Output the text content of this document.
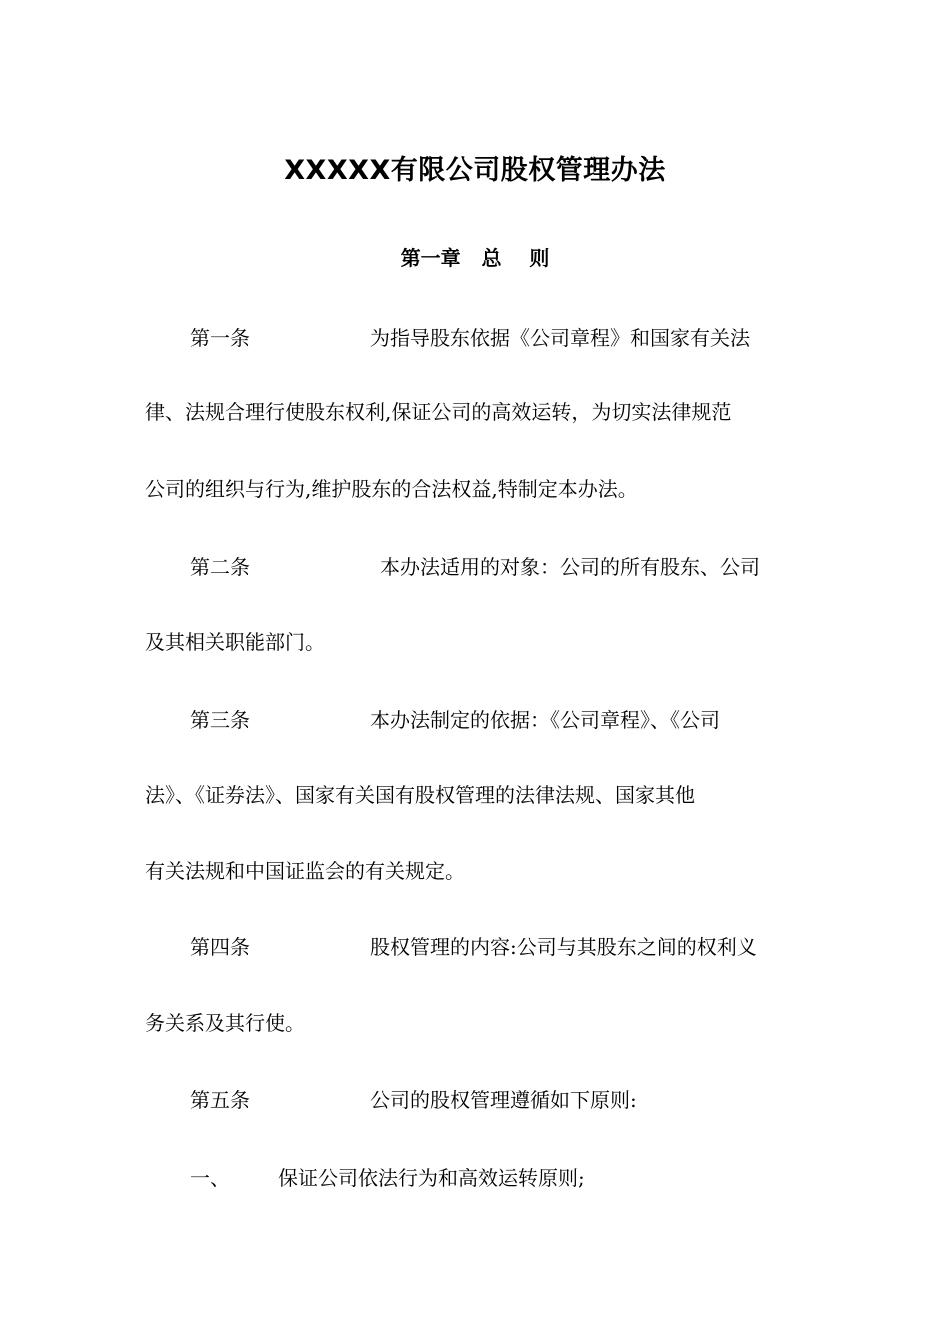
XXXXX有限公司股权管理办法
第一章   总    则
第一条	为指导股东依据《公司章程》和国家有关法
律、法规合理行使股东权利,保证公司的高效运转，为切实法律规范
公司的组织与行为,维护股东的合法权益,特制定本办法。
第二条	本办法适用的对象：公司的所有股东、公司
及其相关职能部门。
第三条	本办法制定的依据：《公司章程》、《公司
法》、《证券法》、国家有关国有股权管理的法律法规、国家其他
有关法规和中国证监会的有关规定。
第四条	股权管理的内容:公司与其股东之间的权利义
务关系及其行使。
第五条	公司的股权管理遵循如下原则:
一、 保证公司依法行为和高效运转原则;
